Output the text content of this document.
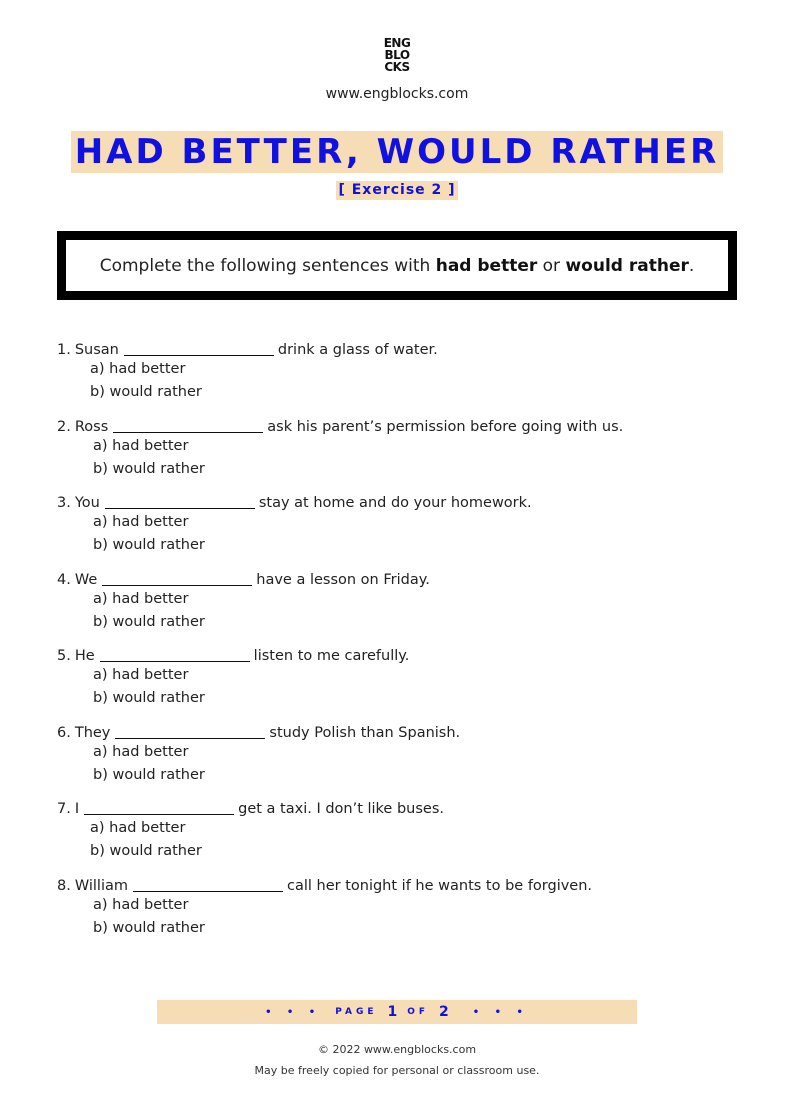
ENG
BLO
CKS
www.engblocks.com
HAD BETTER, WOULD RATHER
[ Exercise 2 ]
Complete the following sentences with had better or would rather.
1. Susan	drink a glass of water.
a) had better
b) would rather
2. Ross	ask his parent’s permission before going with us.
a) had better
b) would rather
3. You	stay at home and do your homework.
a) had better
b) would rather
4. We	have a lesson on Friday.
a) had better
b) would rather
5. He	listen to me carefully.
a) had better
b) would rather
6. They	study Polish than Spanish.
a) had better
b) would rather
7. I	get a taxi. I don’t like buses.
a) had better
b) would rather
8. William	call her tonight if he wants to be forgiven.
a) had better
b) would rather
• • • PAGE 1 OF 2 • • •
© 2022 www.engblocks.com
May be freely copied for personal or classroom use.
